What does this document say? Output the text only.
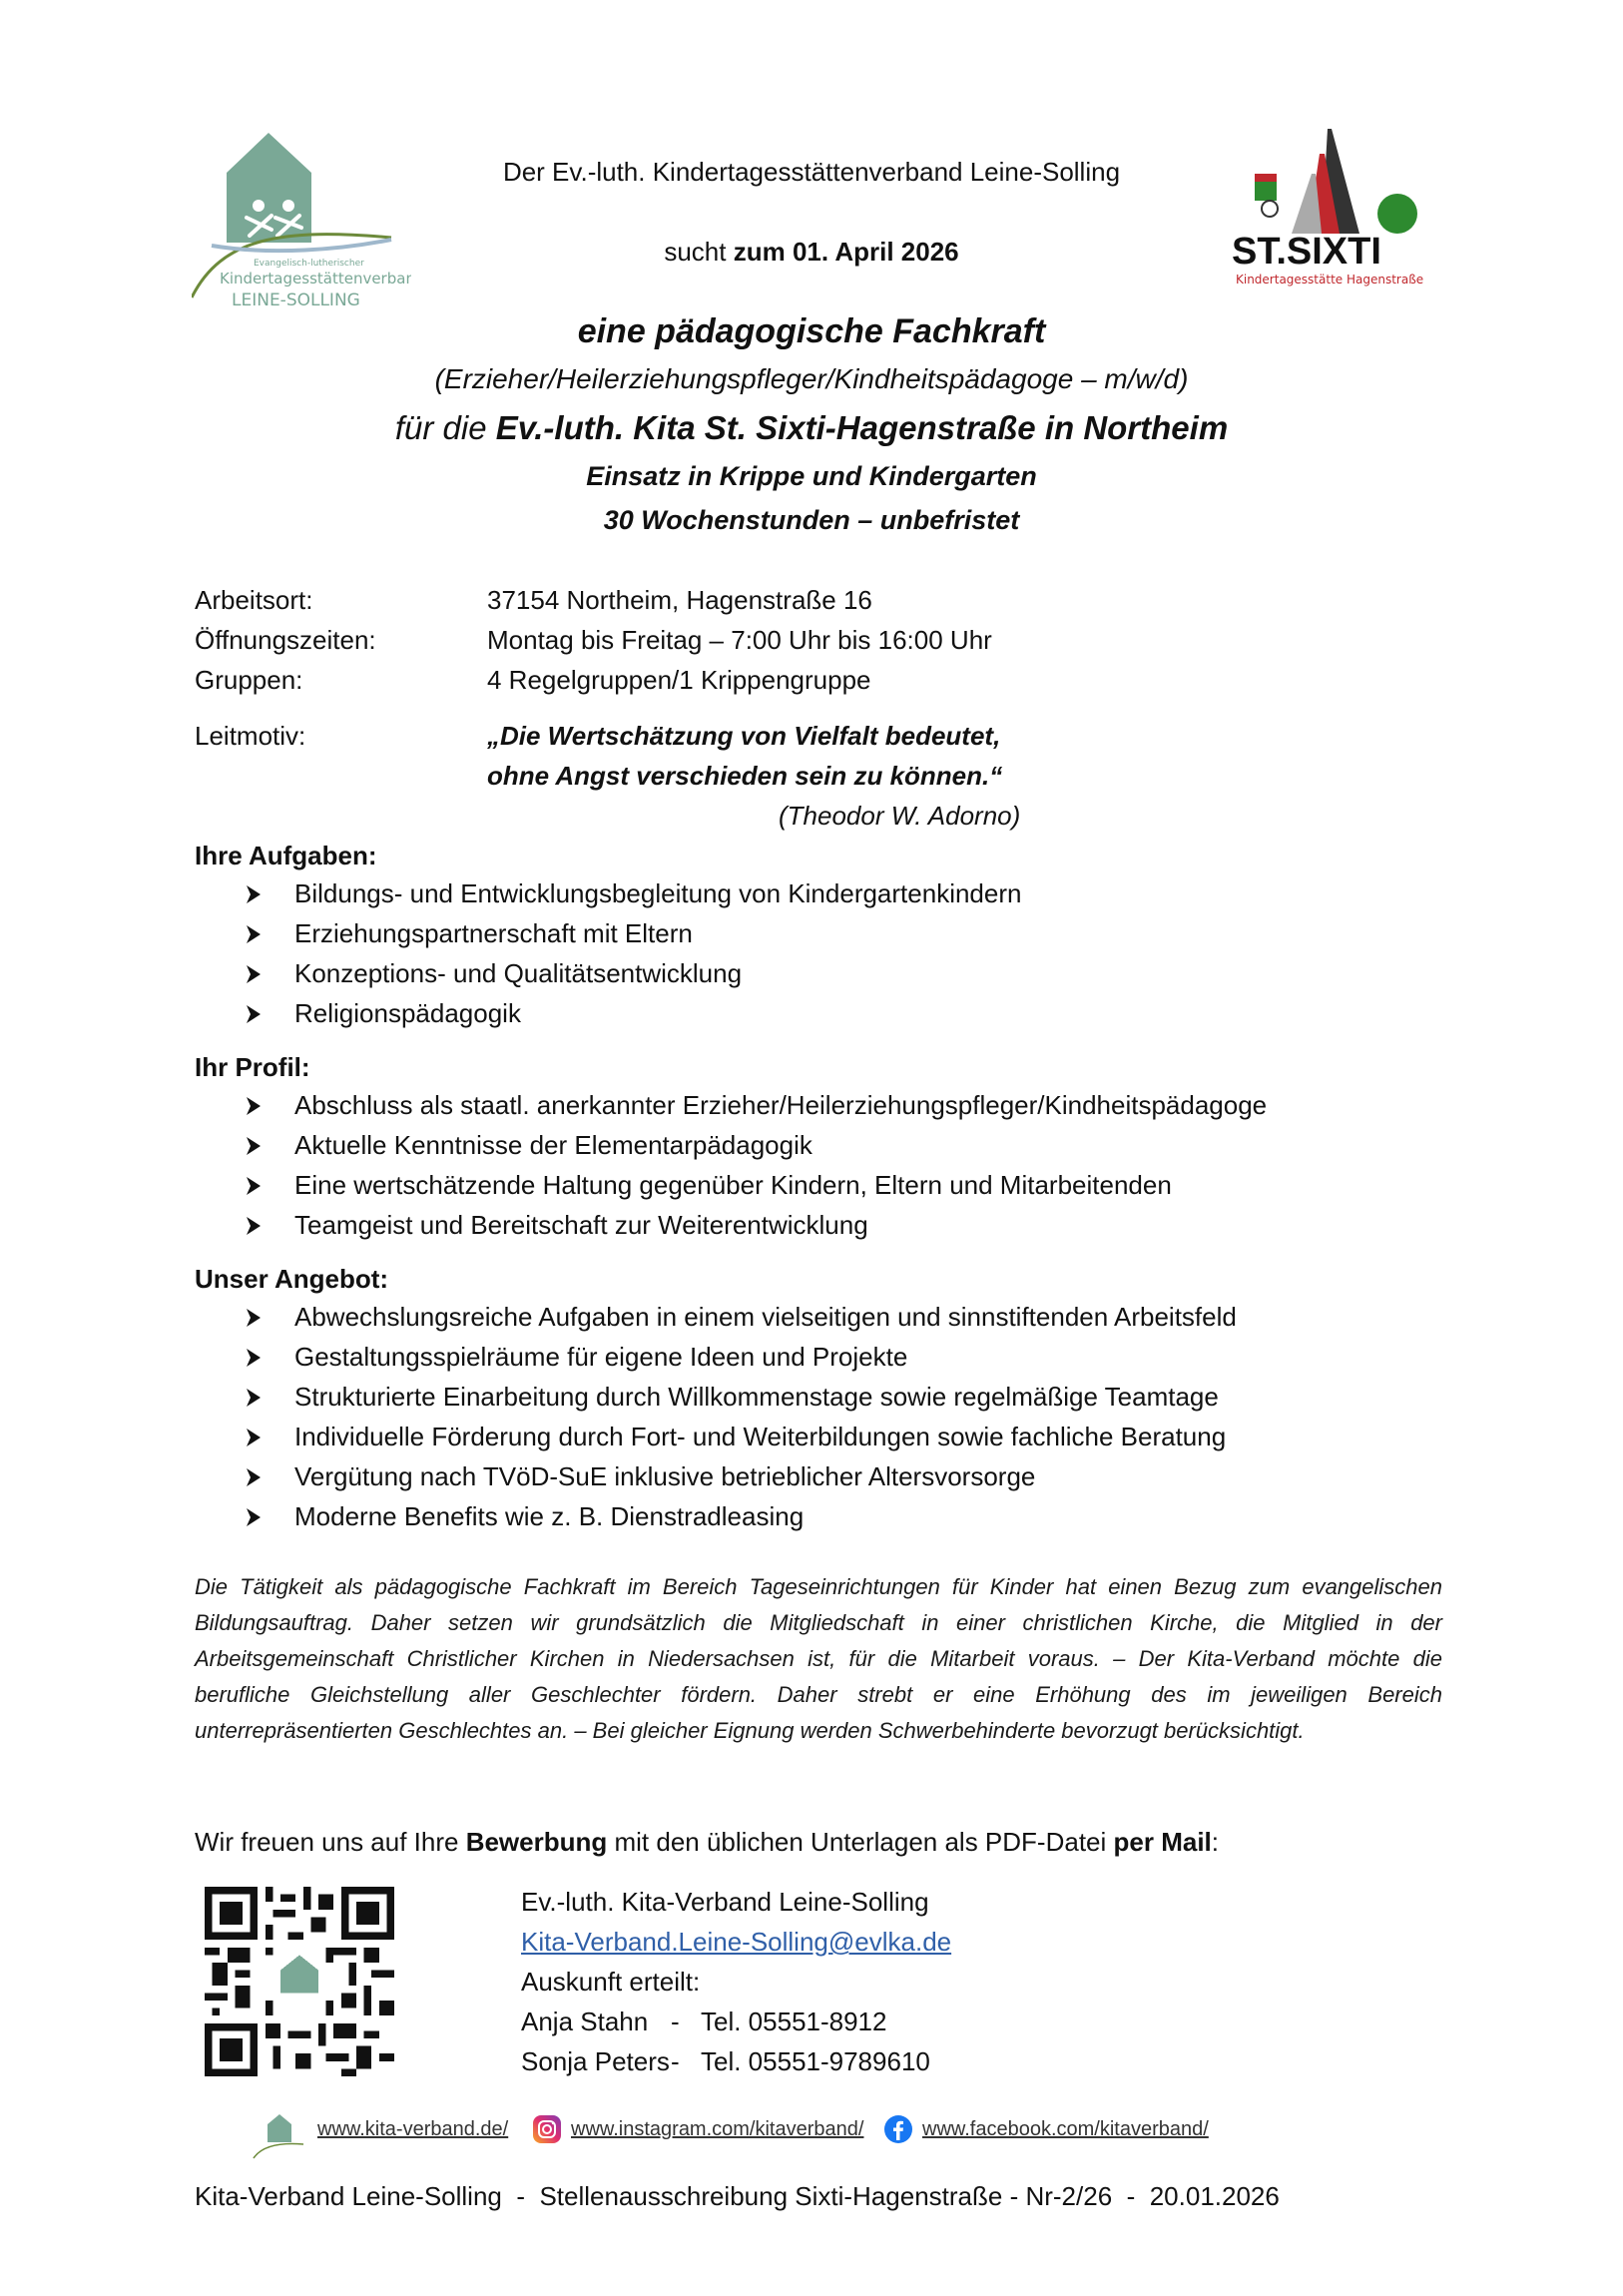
Evangelisch-lutherischer
Kindertagesstättenverband
LEINE-SOLLING
ST.SIXTI
Kindertagesstätte Hagenstraße
Der Ev.-luth. Kindertagesstättenverband Leine-Solling
sucht zum 01. April 2026
eine pädagogische Fachkraft
(Erzieher/Heilerziehungspfleger/Kindheitspädagoge – m/w/d)
für die Ev.-luth. Kita St. Sixti-Hagenstraße in Northeim
Einsatz in Krippe und Kindergarten
30 Wochenstunden – unbefristet
Arbeitsort:	37154 Northeim, Hagenstraße 16
Öffnungszeiten:	Montag bis Freitag – 7:00 Uhr bis 16:00 Uhr
Gruppen:	4 Regelgruppen/1 Krippengruppe
Leitmotiv:	„Die Wertschätzung von Vielfalt bedeutet,
ohne Angst verschieden sein zu können.“
(Theodor W. Adorno)
Ihre Aufgaben:
Bildungs- und Entwicklungsbegleitung von Kindergartenkindern
Erziehungspartnerschaft mit Eltern
Konzeptions- und Qualitätsentwicklung
Religionspädagogik
Ihr Profil:
Abschluss als staatl. anerkannter Erzieher/Heilerziehungspfleger/Kindheitspädagoge
Aktuelle Kenntnisse der Elementarpädagogik
Eine wertschätzende Haltung gegenüber Kindern, Eltern und Mitarbeitenden
Teamgeist und Bereitschaft zur Weiterentwicklung
Unser Angebot:
Abwechslungsreiche Aufgaben in einem vielseitigen und sinnstiftenden Arbeitsfeld
Gestaltungsspielräume für eigene Ideen und Projekte
Strukturierte Einarbeitung durch Willkommenstage sowie regelmäßige Teamtage
Individuelle Förderung durch Fort- und Weiterbildungen sowie fachliche Beratung
Vergütung nach TVöD-SuE inklusive betrieblicher Altersvorsorge
Moderne Benefits wie z. B. Dienstradleasing
Die Tätigkeit als pädagogische Fachkraft im Bereich Tageseinrichtungen für Kinder hat einen Bezug zum evangelischen Bildungsauftrag. Daher setzen wir grundsätzlich die Mitgliedschaft in einer christlichen Kirche, die Mitglied in der Arbeitsgemeinschaft Christlicher Kirchen in Niedersachsen ist, für die Mitarbeit voraus. – Der Kita-Verband möchte die berufliche Gleichstellung aller Geschlechter fördern. Daher strebt er eine Erhöhung des im jeweiligen Bereich unterrepräsentierten Geschlechtes an. – Bei gleicher Eignung werden Schwerbehinderte bevorzugt berücksichtigt.
Wir freuen uns auf Ihre Bewerbung mit den üblichen Unterlagen als PDF-Datei per Mail:
Ev.-luth. Kita-Verband Leine-Solling
Kita-Verband.Leine-Solling@evlka.de
Auskunft erteilt:
Anja Stahn - Tel. 05551-8912
Sonja Peters- Tel. 05551-9789610
www.kita-verband.de/	www.instagram.com/kitaverband/	www.facebook.com/kitaverband/
Kita-Verband Leine-Solling  -  Stellenausschreibung Sixti-Hagenstraße - Nr-2/26  -  20.01.2026
